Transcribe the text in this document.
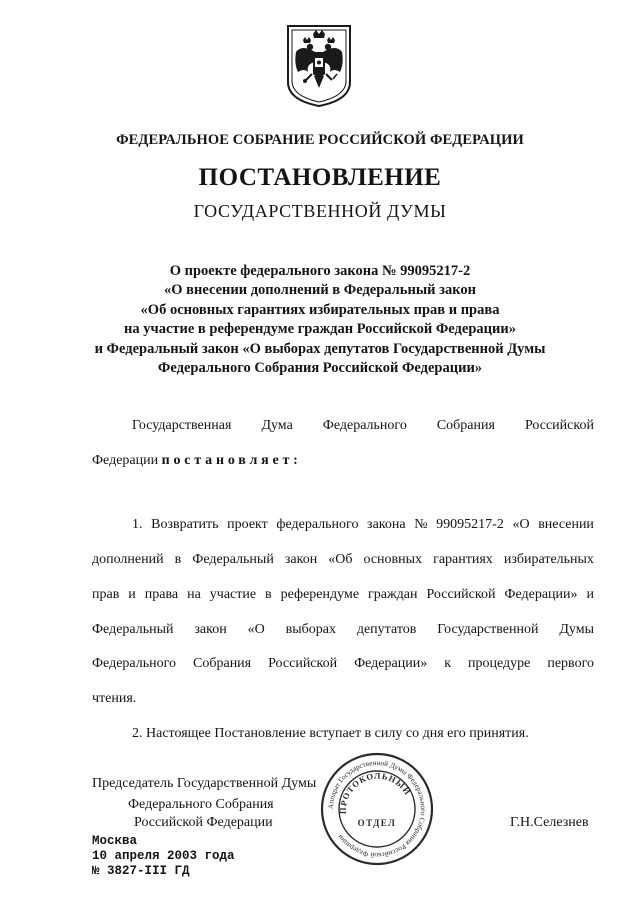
ФЕДЕРАЛЬНОЕ СОБРАНИЕ РОССИЙСКОЙ ФЕДЕРАЦИИ
ПОСТАНОВЛЕНИЕ
ГОСУДАРСТВЕННОЙ ДУМЫ
О проекте федерального закона № 99095217-2
«О внесении дополнений в Федеральный закон
«Об основных гарантиях избирательных прав и права
на участие в референдуме граждан Российской Федерации»
и Федеральный закон «О выборах депутатов Государственной Думы
Федерального Собрания Российской Федерации»
Государственная Дума Федерального Собрания Российской
Федерации постановляет:
1. Возвратить проект федерального закона № 99095217-2 «О внесении
дополнений в Федеральный закон «Об основных гарантиях избирательных
прав и права на участие в референдуме граждан Российской Федерации» и
Федеральный закон «О выборах депутатов Государственной Думы
Федерального Собрания Российской Федерации» к процедуре первого
чтения.
2. Настоящее Постановление вступает в силу со дня его принятия.
Председатель Государственной Думы
Федерального Собрания
Российской Федерации	Г.Н.Селезнев
Аппарат Государственной Думы Федерального Собрания Российской Федерации
ПРОТОКОЛЬНЫЙ
ОТДЕЛ
Москва
10 апреля 2003 года
№ 3827-III ГД
